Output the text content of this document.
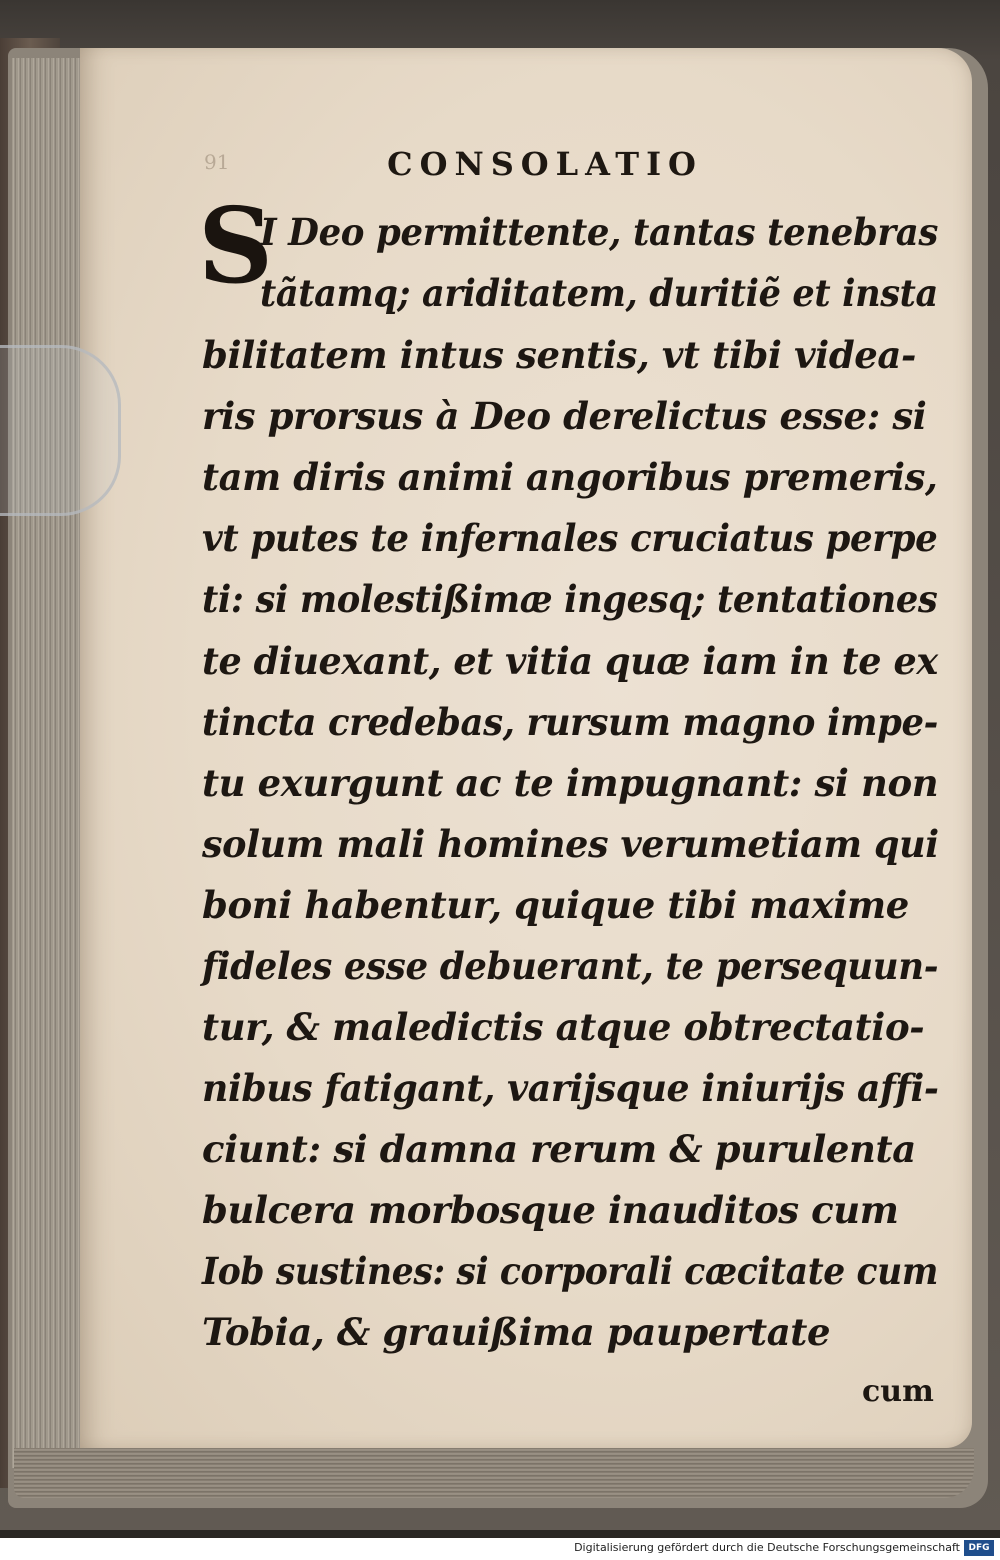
91	CONSOLATIO
S
I Deo permittente, tantas tenebras
tãtamq; ariditatem, duritiẽ et insta
bilitatem intus sentis, vt tibi videa-
ris prorsus à Deo derelictus esse: si
tam diris animi angoribus premeris,
vt putes te infernales cruciatus perpe
ti: si molestißimæ ingesq; tentationes
te diuexant, et vitia quæ iam in te ex
tincta credebas, rursum magno impe-
tu exurgunt ac te impugnant: si non
solum mali homines verumetiam qui
boni habentur, quique tibi maxime
fideles esse debuerant, te persequun-
tur, & maledictis atque obtrectatio-
nibus fatigant, varijsque iniurijs affi-
ciunt: si damna rerum & purulenta
bulcera morbosque inauditos cum
Iob sustines: si corporali cæcitate cum
Tobia, & grauißima paupertate
cum
Digitalisierung gefördert durch die Deutsche Forschungsgemeinschaft DFG
